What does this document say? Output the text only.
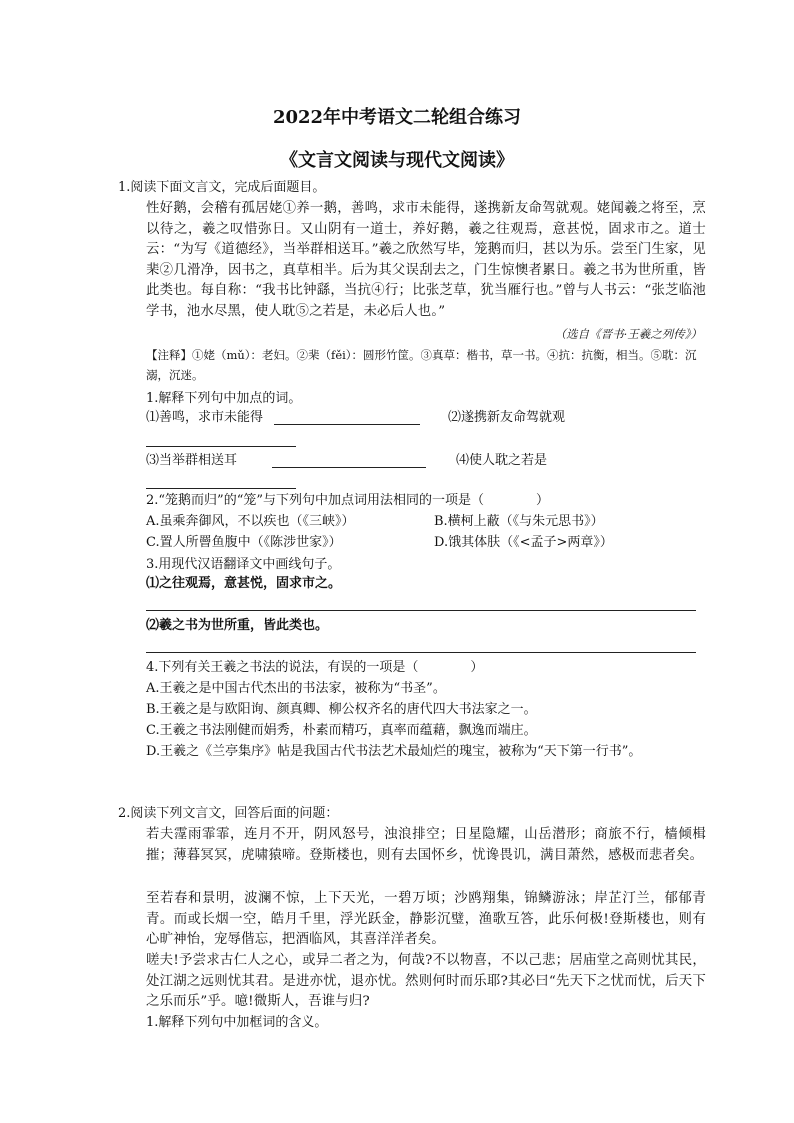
2022年中考语文二轮组合练习
《文言文阅读与现代文阅读》
1.阅读下面文言文，完成后面题目。
性好鹅，会稽有孤居姥①养一鹅，善鸣，求市未能得，遂携新友命驾就观。姥闻羲之将至，烹以待之，羲之叹惜弥日。又山阴有一道士，养好鹅，羲之往观焉，意甚悦，固求市之。道士云：“为写《道德经》，当举群相送耳。”羲之欣然写毕，笼鹅而归，甚以为乐。尝至门生家，见棐②几滑净，因书之，真草相半。后为其父误刮去之，门生惊懊者累日。羲之书为世所重，皆此类也。每自称：“我书比钟繇，当抗④行；比张芝草，犹当雁行也。”曾与人书云：“张芝临池学书，池水尽黑，使人耽⑤之若是，未必后人也。”
（选自《晋书·王羲之列传》）
【注释】①姥（mǔ）：老妇。②棐（fěi）：圆形竹筐。③真草：楷书，草一书。④抗：抗衡，相当。⑤耽：沉溺，沉迷。
1.解释下列句中加点的词。
⑴善鸣，求市未能得	⑵遂携新友命驾就观
⑶当举群相送耳	⑷使人耽之若是
2.“笼鹅而归”的“笼”与下列句中加点词用法相同的一项是（　　　　）
A.虽乘奔御风，不以疾也（《三峡》）	B.横柯上蔽（《与朱元思书》）
C.置人所罾鱼腹中（《陈涉世家》）	D.饿其体肤（《<孟子>两章》）
3.用现代汉语翻译文中画线句子。
⑴之往观焉，意甚悦，固求市之。
⑵羲之书为世所重，皆此类也。
4.下列有关王羲之书法的说法，有误的一项是（　　　　）
A.王羲之是中国古代杰出的书法家，被称为“书圣”。
B.王羲之是与欧阳询、颜真卿、柳公权齐名的唐代四大书法家之一。
C.王羲之书法刚健而娟秀，朴素而精巧，真率而蕴藉，飘逸而端庄。
D.王羲之《兰亭集序》帖是我国古代书法艺术最灿烂的瑰宝，被称为“天下第一行书”。
2.阅读下列文言文，回答后面的问题：
若夫霪雨霏霏，连月不开，阴风怒号，浊浪排空；日星隐耀，山岳潜形；商旅不行，樯倾楫摧；薄暮冥冥，虎啸猿啼。登斯楼也，则有去国怀乡，忧谗畏讥，满目萧然，感极而悲者矣。
至若春和景明，波澜不惊，上下天光，一碧万顷；沙鸥翔集，锦鳞游泳；岸芷汀兰，郁郁青青。而或长烟一空，皓月千里，浮光跃金，静影沉璧，渔歌互答，此乐何极!登斯楼也，则有心旷神怡，宠辱偕忘，把酒临风，其喜洋洋者矣。
嗟夫!予尝求古仁人之心，或异二者之为，何哉?不以物喜，不以己悲；居庙堂之高则忧其民，处江湖之远则忧其君。是进亦忧，退亦忧。然则何时而乐耶?其必曰“先天下之忧而忧，后天下之乐而乐”乎。噫!微斯人，吾谁与归?
1.解释下列句中加框词的含义。
